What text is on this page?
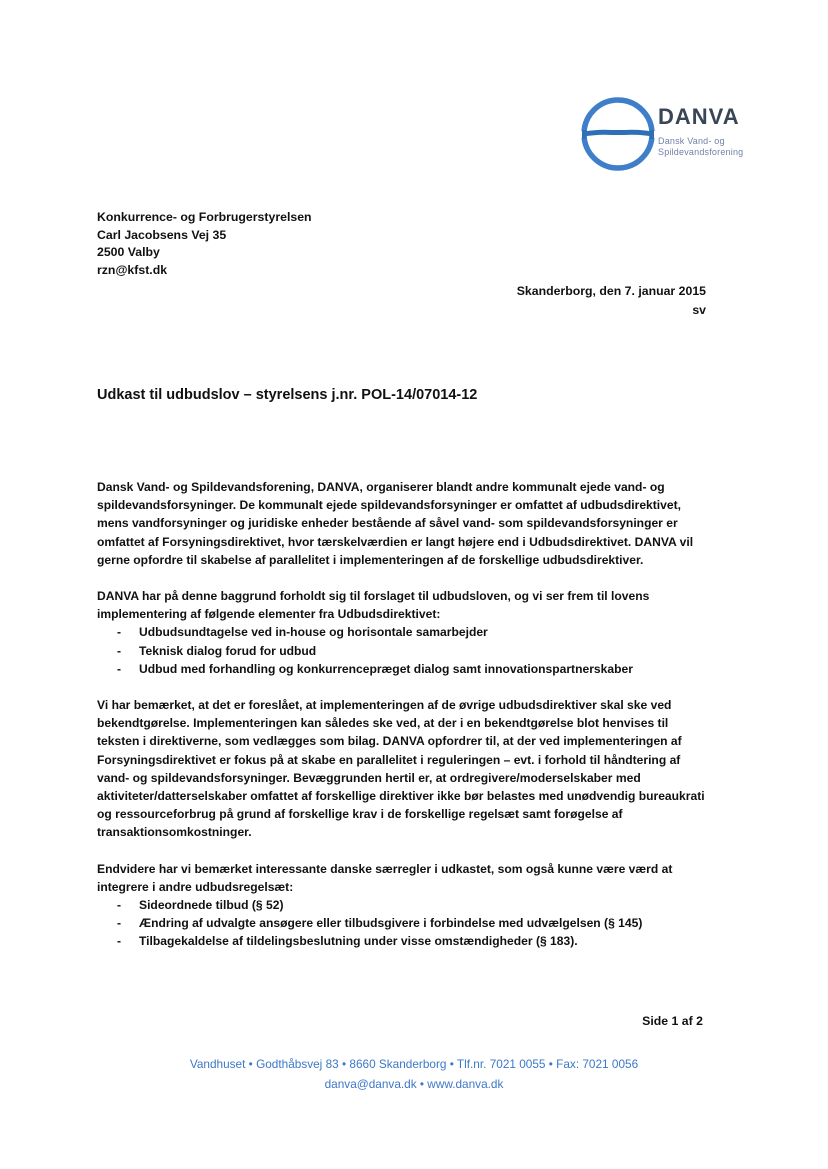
DANVA
Dansk Vand- og
Spildevandsforening
Konkurrence- og Forbrugerstyrelsen
Carl Jacobsens Vej 35
2500 Valby
rzn@kfst.dk
Skanderborg, den 7. januar 2015
sv
Udkast til udbudslov – styrelsens j.nr. POL-14/07014-12

Dansk Vand- og Spildevandsforening, DANVA, organiserer blandt andre kommunalt ejede vand- og spildevandsforsyninger. De kommunalt ejede spildevandsforsyninger er omfattet af udbudsdirektivet, mens vandforsyninger og juridiske enheder bestående af såvel vand- som spildevandsforsyninger er omfattet af Forsyningsdirektivet, hvor tærskelværdien er langt højere end i Udbudsdirektivet. DANVA vil gerne opfordre til skabelse af parallelitet i implementeringen af de forskellige udbudsdirektiver.

DANVA har på denne baggrund forholdt sig til forslaget til udbudsloven, og vi ser frem til lovens implementering af følgende elementer fra Udbudsdirektivet:

- Udbudsundtagelse ved in-house og horisontale samarbejder
- Teknisk dialog forud for udbud
- Udbud med forhandling og konkurrencepræget dialog samt innovationspartnerskaber

Vi har bemærket, at det er foreslået, at implementeringen af de øvrige udbudsdirektiver skal ske ved bekendtgørelse. Implementeringen kan således ske ved, at der i en bekendtgørelse blot henvises til teksten i direktiverne, som vedlægges som bilag. DANVA opfordrer til, at der ved implementeringen af Forsyningsdirektivet er fokus på at skabe en parallelitet i reguleringen – evt. i forhold til håndtering af vand- og spildevandsforsyninger. Bevæggrunden hertil er, at ordregivere/moderselskaber med aktiviteter/datterselskaber omfattet af forskellige direktiver ikke bør belastes med unødvendig bureaukrati og ressourceforbrug på grund af forskellige krav i de forskellige regelsæt samt forøgelse af transaktionsomkostninger.

Endvidere har vi bemærket interessante danske særregler i udkastet, som også kunne være værd at integrere i andre udbudsregelsæt:

- Sideordnede tilbud (§ 52)
- Ændring af udvalgte ansøgere eller tilbudsgivere i forbindelse med udvælgelsen (§ 145)
- Tilbagekaldelse af tildelingsbeslutning under visse omstændigheder (§ 183).
Side 1 af 2
Vandhuset • Godthåbsvej 83 • 8660 Skanderborg • Tlf.nr. 7021 0055 • Fax: 7021 0056
danva@danva.dk • www.danva.dk
